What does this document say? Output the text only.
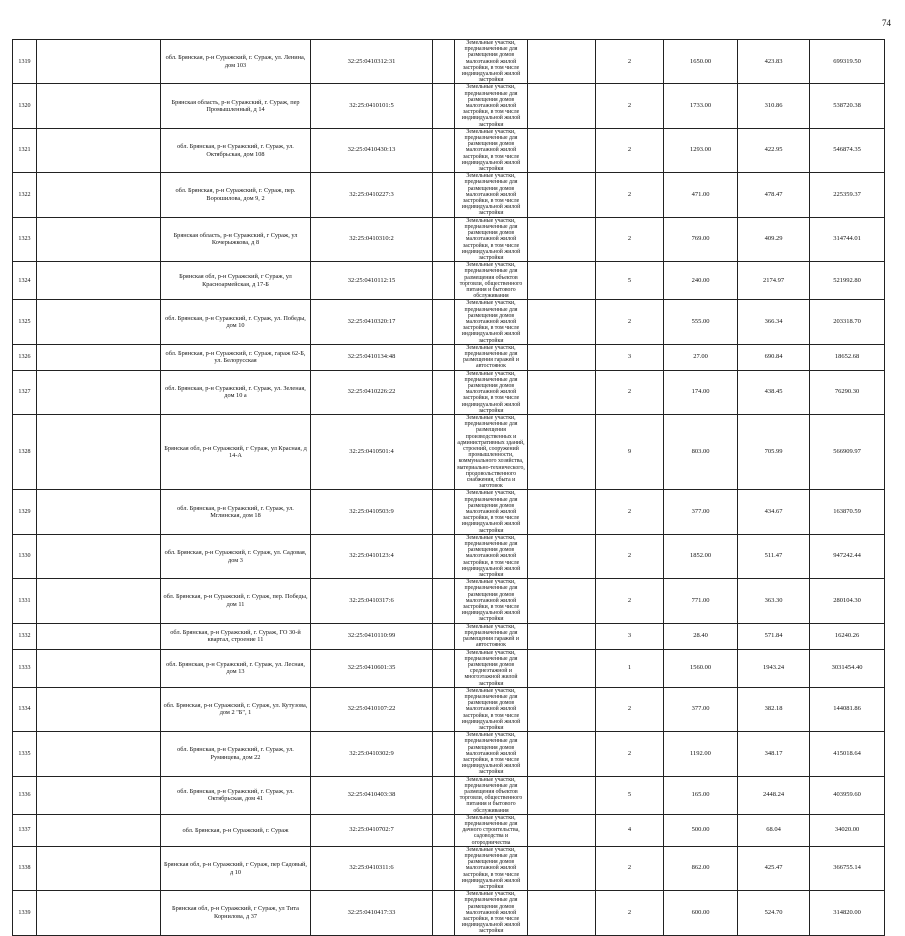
74
1319		обл. Брянская, р-н Суражский, г. Сураж, ул. Ленина, дом 103	32:25:0410312:31		Земельные участки, предназначенные для размещения домов малоэтажной жилой застройки, в том числе индивидуальной жилой застройки		2	1650.00	423.83	699319.50
1320		Брянская область, р-н Суражский, г. Сураж, пер Промышленный, д 14	32:25:0410101:5		Земельные участки, предназначенные для размещения домов малоэтажной жилой застройки, в том числе индивидуальной жилой застройки		2	1733.00	310.86	538720.38
1321		обл. Брянская, р-н Суражский, г. Сураж, ул. Октябрьская, дом 108	32:25:0410430:13		Земельные участки, предназначенные для размещения домов малоэтажной жилой застройки, в том числе индивидуальной жилой застройки		2	1293.00	422.95	546874.35
1322		обл. Брянская, р-н Суражский, г. Сураж, пер. Ворошилова, дом 9, 2	32:25:0410227:3		Земельные участки, предназначенные для размещения домов малоэтажной жилой застройки, в том числе индивидуальной жилой застройки		2	471.00	478.47	225359.37
1323		Брянская область, р-н Суражский, г Сураж, ул Кочерыжкова, д 8	32:25:0410310:2		Земельные участки, предназначенные для размещения домов малоэтажной жилой застройки, в том числе индивидуальной жилой застройки		2	769.00	409.29	314744.01
1324		Брянская обл, р-н Суражский, г Сураж, ул Красноармейская, д 17-Б	32:25:0410112:15		Земельные участки, предназначенные для размещения объектов торговли, общественного питания и бытового обслуживания		5	240.00	2174.97	521992.80
1325		обл. Брянская, р-н Суражский, г. Сураж, ул. Победы, дом 10	32:25:0410320:17		Земельные участки, предназначенные для размещения домов малоэтажной жилой застройки, в том числе индивидуальной жилой застройки		2	555.00	366.34	203318.70
1326		обл. Брянская, р-н Суражский, г. Сураж, гараж 62-Б, ул. Белорусская	32:25:0410134:48		Земельные участки, предназначенные для размещения гаражей и автостоянок		3	27.00	690.84	18652.68
1327		обл. Брянская, р-н Суражский, г. Сураж, ул. Зеленая, дом 10 а	32:25:0410226:22		Земельные участки, предназначенные для размещения домов малоэтажной жилой застройки, в том числе индивидуальной жилой застройки		2	174.00	438.45	76290.30
1328		Брянская обл, р-н Суражский, г Сураж, ул Красная, д 14-А	32:25:0410501:4		Земельные участки, предназначенные для размещения производственных и административных зданий, строений, сооружений промышленности, коммунального хозяйства, материально-технического, продовольственного снабжения, сбыта и заготовок		9	803.00	705.99	566909.97
1329		обл. Брянская, р-н Суражский, г. Сураж, ул. Мглинская, дом 18	32:25:0410503:9		Земельные участки, предназначенные для размещения домов малоэтажной жилой застройки, в том числе индивидуальной жилой застройки		2	377.00	434.67	163870.59
1330		обл. Брянская, р-н Суражский, г. Сураж, ул. Садовая, дом 3	32:25:0410123:4		Земельные участки, предназначенные для размещения домов малоэтажной жилой застройки, в том числе индивидуальной жилой застройки		2	1852.00	511.47	947242.44
1331		обл. Брянская, р-н Суражский, г. Сураж, пер. Победы, дом 11	32:25:0410317:6		Земельные участки, предназначенные для размещения домов малоэтажной жилой застройки, в том числе индивидуальной жилой застройки		2	771.00	363.30	280104.30
1332		обл. Брянская, р-н Суражский, г. Сураж, ГО 30-й квартал, строение 11	32:25:0410110:99		Земельные участки, предназначенные для размещения гаражей и автостоянок		3	28.40	571.84	16240.26
1333		обл. Брянская, р-н Суражский, г. Сураж, ул. Лесная, дом 13	32:25:0410601:35		Земельные участки, предназначенные для размещения домов среднеэтажной и многоэтажной жилой застройки		1	1560.00	1943.24	3031454.40
1334		обл. Брянская, р-н Суражский, г. Сураж, ул. Кутузова, дом 2 "Б", 1	32:25:0410107:22		Земельные участки, предназначенные для размещения домов малоэтажной жилой застройки, в том числе индивидуальной жилой застройки		2	377.00	382.18	144081.86
1335		обл. Брянская, р-н Суражский, г. Сураж, ул. Румянцева, дом 22	32:25:0410302:9		Земельные участки, предназначенные для размещения домов малоэтажной жилой застройки, в том числе индивидуальной жилой застройки		2	1192.00	348.17	415018.64
1336		обл. Брянская, р-н Суражский, г. Сураж, ул. Октябрьская, дом 41	32:25:0410403:38		Земельные участки, предназначенные для размещения объектов торговли, общественного питания и бытового обслуживания		5	165.00	2448.24	403959.60
1337		обл. Брянская, р-н Суражский, г. Сураж	32:25:0410702:7		Земельные участки, предназначенные для дачного строительства, садоводства и огородничества		4	500.00	68.04	34020.00
1338		Брянская обл, р-н Суражский, г Сураж, пер Садовый, д 10	32:25:0410311:6		Земельные участки, предназначенные для размещения домов малоэтажной жилой застройки, в том числе индивидуальной жилой застройки		2	862.00	425.47	366755.14
1339		Брянская обл, р-н Суражский, г Сураж, ул Тита Корнилова, д 37	32:25:0410417:33		Земельные участки, предназначенные для размещения домов малоэтажной жилой застройки, в том числе индивидуальной жилой застройки		2	600.00	524.70	314820.00
